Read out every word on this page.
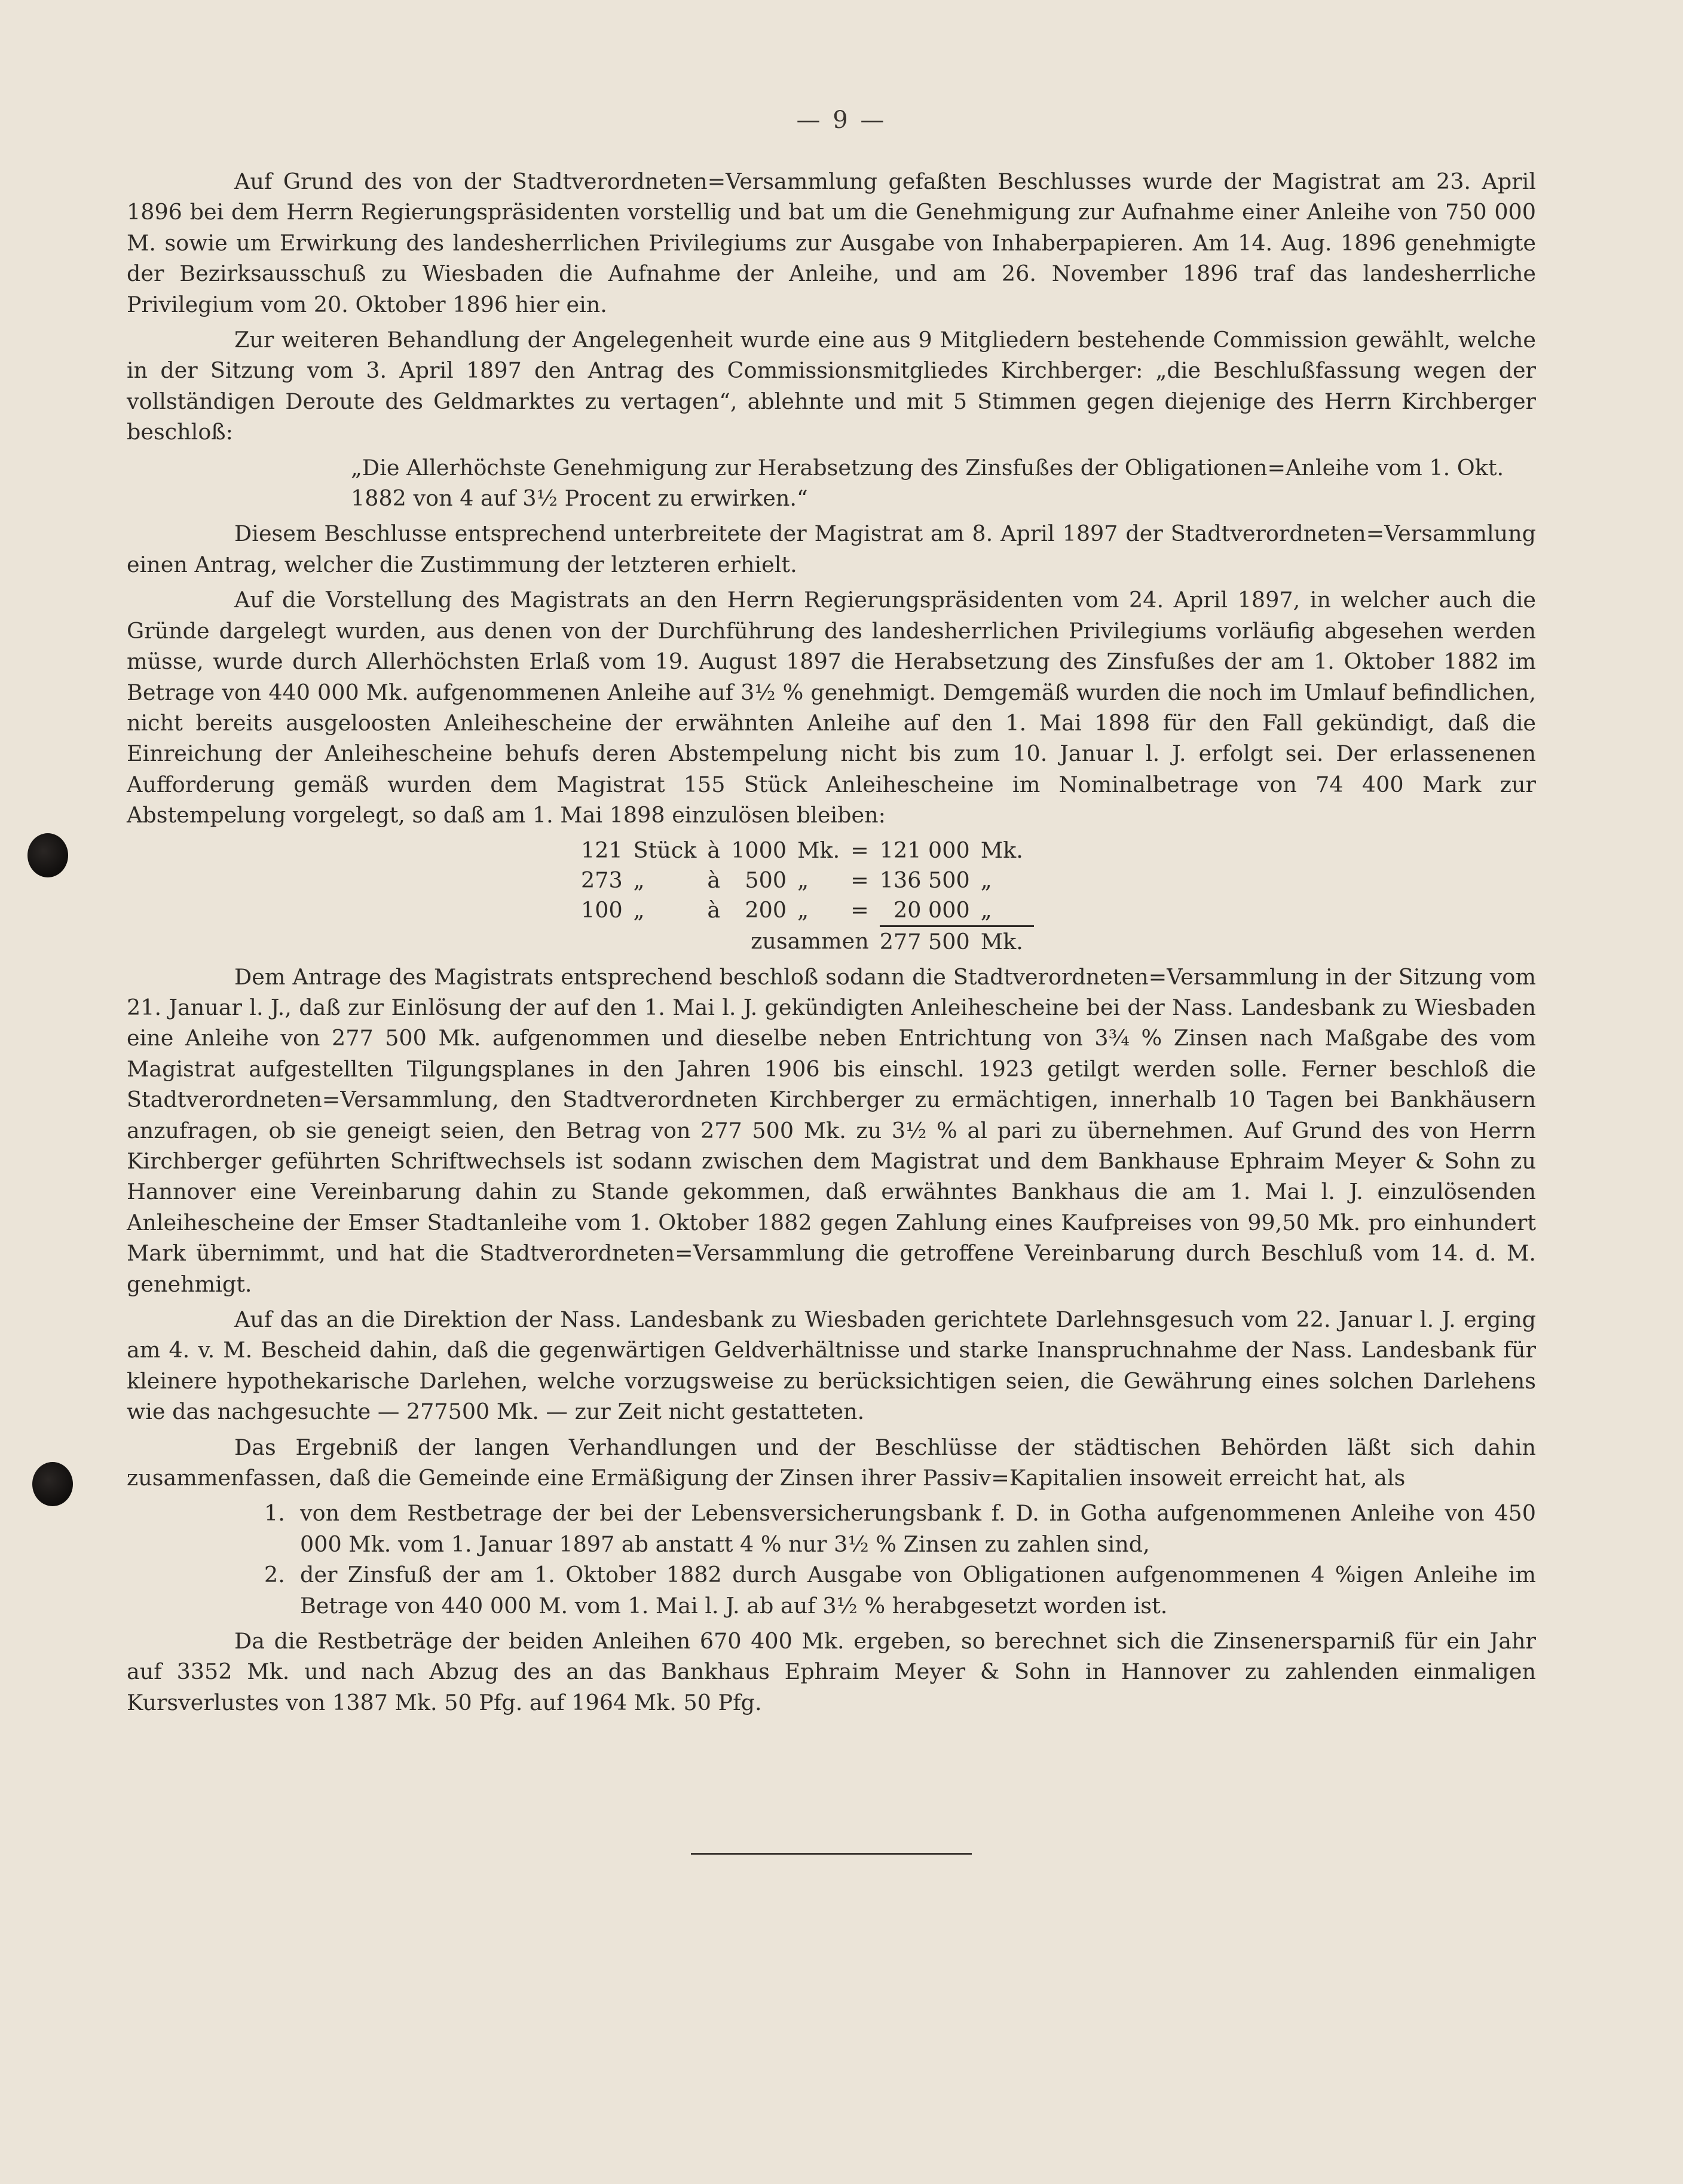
— 9 —

Auf Grund des von der Stadtverordneten=Versammlung gefaßten Beschlusses wurde der Magistrat am 23. April 1896 bei dem Herrn Regierungspräsidenten vorstellig und bat um die Genehmigung zur Aufnahme einer Anleihe von 750 000 M. sowie um Erwirkung des landesherrlichen Privilegiums zur Ausgabe von Inhaberpapieren. Am 14. Aug. 1896 genehmigte der Bezirksausschuß zu Wiesbaden die Aufnahme der Anleihe, und am 26. November 1896 traf das landesherrliche Privilegium vom 20. Oktober 1896 hier ein.

Zur weiteren Behandlung der Angelegenheit wurde eine aus 9 Mitgliedern bestehende Commission gewählt, welche in der Sitzung vom 3. April 1897 den Antrag des Commissionsmitgliedes Kirchberger: „die Beschlußfassung wegen der vollständigen Deroute des Geldmarktes zu vertagen“, ablehnte und mit 5 Stimmen gegen diejenige des Herrn Kirchberger beschloß:

„Die Allerhöchste Genehmigung zur Herabsetzung des Zinsfußes der Obligationen=Anleihe vom 1. Okt.
1882 von 4 auf 3½ Procent zu erwirken.“

Diesem Beschlusse entsprechend unterbreitete der Magistrat am 8. April 1897 der Stadtverordneten=Versammlung einen Antrag, welcher die Zustimmung der letzteren erhielt.

Auf die Vorstellung des Magistrats an den Herrn Regierungspräsidenten vom 24. April 1897, in welcher auch die Gründe dargelegt wurden, aus denen von der Durchführung des landesherrlichen Privilegiums vorläufig abgesehen werden müsse, wurde durch Allerhöchsten Erlaß vom 19. August 1897 die Herabsetzung des Zinsfußes der am 1. Oktober 1882 im Betrage von 440 000 Mk. aufgenommenen Anleihe auf 3½ % genehmigt. Demgemäß wurden die noch im Umlauf befindlichen, nicht bereits ausgeloosten Anleihescheine der erwähnten Anleihe auf den 1. Mai 1898 für den Fall gekündigt, daß die Einreichung der Anleihescheine behufs deren Abstempelung nicht bis zum 10. Januar l. J. erfolgt sei. Der erlassenenen Aufforderung gemäß wurden dem Magistrat 155 Stück Anleihescheine im Nominalbetrage von 74 400 Mark zur Abstempelung vorgelegt, so daß am 1. Mai 1898 einzulösen bleiben:

121	Stück	à	1000	Mk.	=	121 000	Mk.
273	„	à	500	„	=	136 500	„
100	„	à	200	„	=	20 000	„
zusammen						277 500	Mk.

Dem Antrage des Magistrats entsprechend beschloß sodann die Stadtverordneten=Versammlung in der Sitzung vom 21. Januar l. J., daß zur Einlösung der auf den 1. Mai l. J. gekündigten Anleihescheine bei der Nass. Landesbank zu Wiesbaden eine Anleihe von 277 500 Mk. aufgenommen und dieselbe neben Entrichtung von 3¾ % Zinsen nach Maßgabe des vom Magistrat aufgestellten Tilgungsplanes in den Jahren 1906 bis einschl. 1923 getilgt werden solle. Ferner beschloß die Stadtverordneten=Versammlung, den Stadtverordneten Kirchberger zu ermächtigen, innerhalb 10 Tagen bei Bankhäusern anzufragen, ob sie geneigt seien, den Betrag von 277 500 Mk. zu 3½ % al pari zu übernehmen. Auf Grund des von Herrn Kirchberger geführten Schriftwechsels ist sodann zwischen dem Magistrat und dem Bankhause Ephraim Meyer & Sohn zu Hannover eine Vereinbarung dahin zu Stande gekommen, daß erwähntes Bankhaus die am 1. Mai l. J. einzulösenden Anleihescheine der Emser Stadtanleihe vom 1. Oktober 1882 gegen Zahlung eines Kaufpreises von 99,50 Mk. pro einhundert Mark übernimmt, und hat die Stadtverordneten=Versammlung die getroffene Vereinbarung durch Beschluß vom 14. d. M. genehmigt.

Auf das an die Direktion der Nass. Landesbank zu Wiesbaden gerichtete Darlehnsgesuch vom 22. Januar l. J. erging am 4. v. M. Bescheid dahin, daß die gegenwärtigen Geldverhältnisse und starke Inanspruchnahme der Nass. Landesbank für kleinere hypothekarische Darlehen, welche vorzugsweise zu berücksichtigen seien, die Gewährung eines solchen Darlehens wie das nachgesuchte — 277500 Mk. — zur Zeit nicht gestatteten.

Das Ergebniß der langen Verhandlungen und der Beschlüsse der städtischen Behörden läßt sich dahin zusammenfassen, daß die Gemeinde eine Ermäßigung der Zinsen ihrer Passiv=Kapitalien insoweit erreicht hat, als

1. von dem Restbetrage der bei der Lebensversicherungsbank f. D. in Gotha aufgenommenen Anleihe von 450 000 Mk. vom 1. Januar 1897 ab anstatt 4 % nur 3½ % Zinsen zu zahlen sind,
2. der Zinsfuß der am 1. Oktober 1882 durch Ausgabe von Obligationen aufgenommenen 4 %igen Anleihe im Betrage von 440 000 M. vom 1. Mai l. J. ab auf 3½ % herabgesetzt worden ist.

Da die Restbeträge der beiden Anleihen 670 400 Mk. ergeben, so berechnet sich die Zinsenersparniß für ein Jahr auf 3352 Mk. und nach Abzug des an das Bankhaus Ephraim Meyer & Sohn in Hannover zu zahlenden einmaligen Kursverlustes von 1387 Mk. 50 Pfg. auf 1964 Mk. 50 Pfg.
